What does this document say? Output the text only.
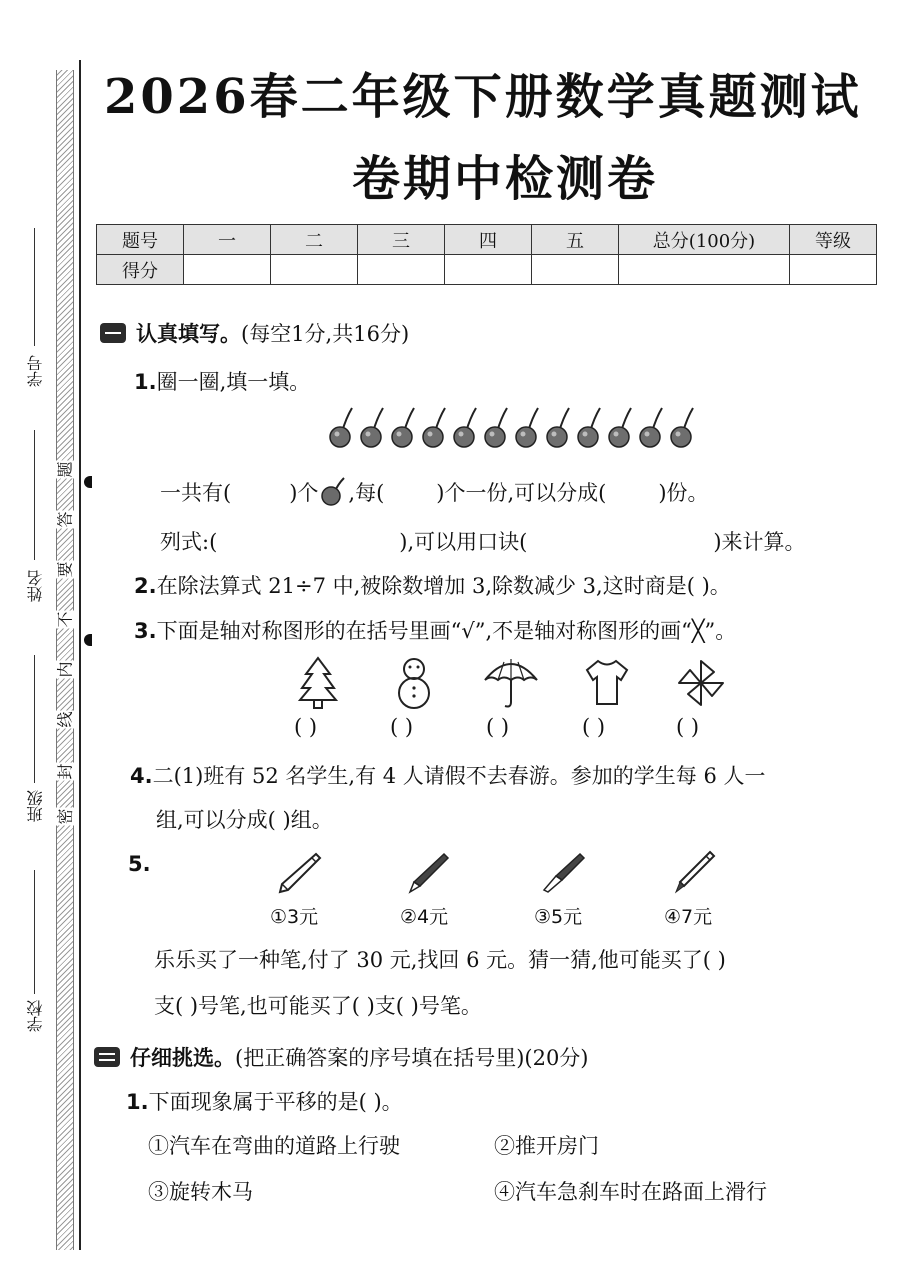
学号
姓名
班级
学校
题
答
要
不
内
线
封
密
2026春二年级下册数学真题测试
卷期中检测卷
题号	一	二	三	四	五	总分(100分)	等级
得分							
认真填写。 (每空1分,共16分)
1.圈一圈,填一填。
一共有(	)个 ,每( )个一份,可以分成( )份。
列式:(	),可以用口诀(	)来计算。
2.在除法算式 21÷7 中,被除数增加 3,除数减少 3,这时商是( )。
3.下面是轴对称图形的在括号里画“√”,不是轴对称图形的画“╳”。
( )	( )	( )	( )	( )
4.二(1)班有 52 名学生,有 4 人请假不去春游。参加的学生每 6 人一
组,可以分成( )组。
5.
①3元	②4元	③5元	④7元
乐乐买了一种笔,付了 30 元,找回 6 元。猜一猜,他可能买了( )
支( )号笔,也可能买了( )支( )号笔。
仔细挑选。 (把正确答案的序号填在括号里)(20分)
1.下面现象属于平移的是( )。
①汽车在弯曲的道路上行驶	②推开房门
③旋转木马	④汽车急刹车时在路面上滑行
